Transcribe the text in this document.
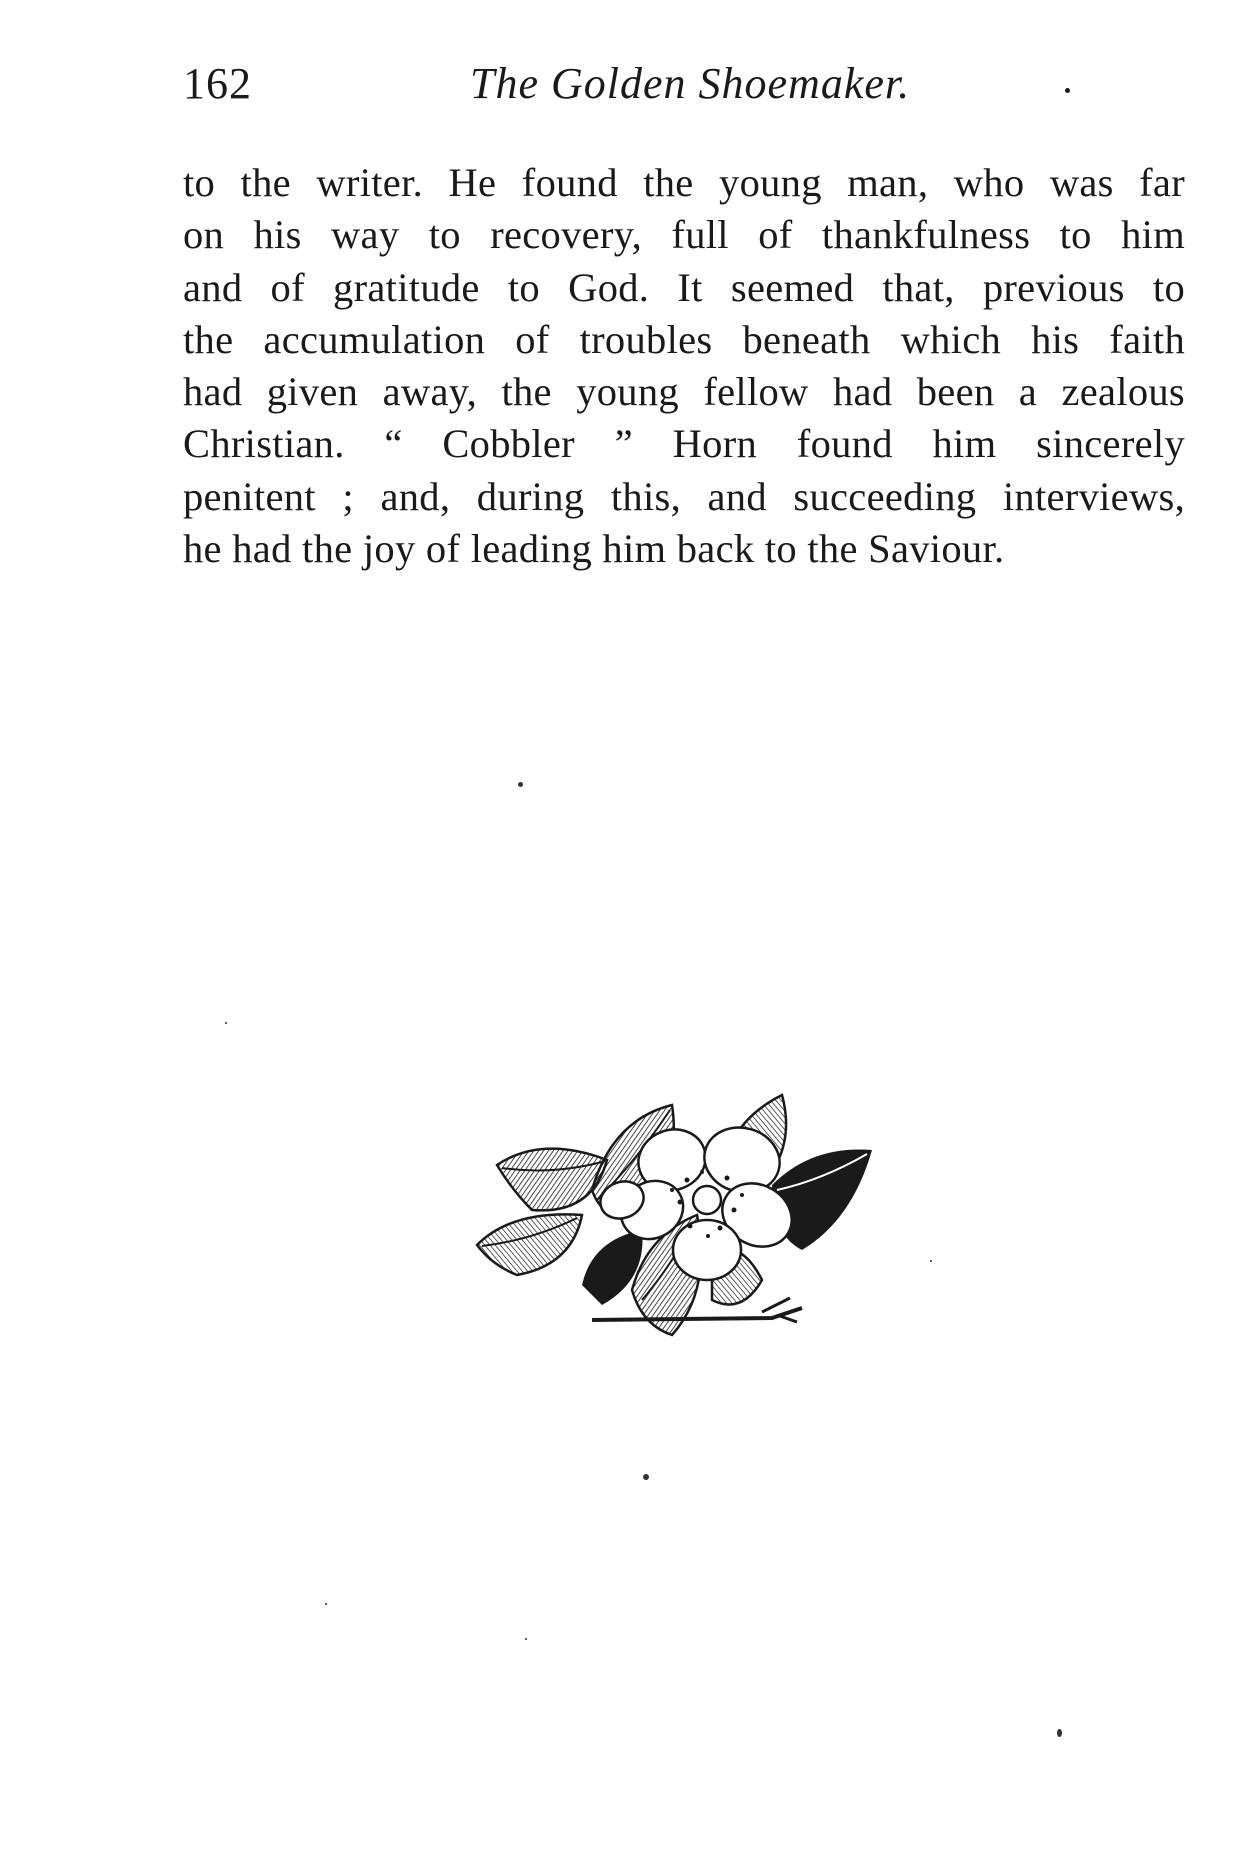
162	The Golden Shoemaker.
to the writer. He found the young man, who was far
on his way to recovery, full of thankfulness to him
and of gratitude to God. It seemed that, previous to
the accumulation of troubles beneath which his faith
had given away, the young fellow had been a zealous
Christian. “ Cobbler ” Horn found him sincerely
penitent ; and, during this, and succeeding interviews,
he had the joy of leading him back to the Saviour.
